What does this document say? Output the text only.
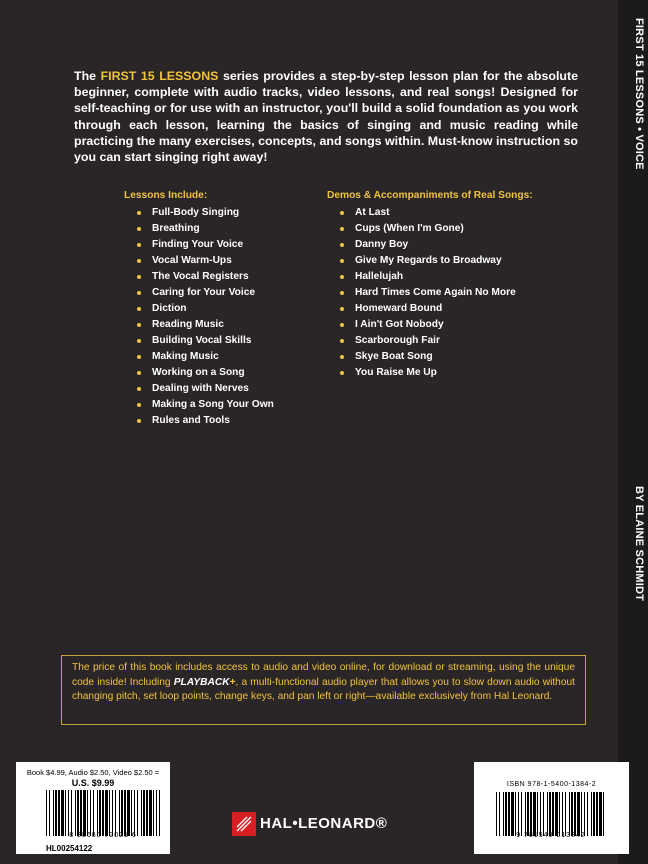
FIRST 15 LESSONS • VOICE
BY ELAINE SCHMIDT

The FIRST 15 LESSONS series provides a step-by-step lesson plan for the absolute beginner, complete with audio tracks, video lessons, and real songs! Designed for self-teaching or for use with an instructor, you'll build a solid foundation as you work through each lesson, learning the basics of singing and music reading while practicing the many exercises, concepts, and songs within. Must-know instruction so you can start singing right away!

Lessons Include:
Full-Body Singing
Breathing
Finding Your Voice
Vocal Warm-Ups
The Vocal Registers
Caring for Your Voice
Diction
Reading Music
Building Vocal Skills
Making Music
Working on a Song
Dealing with Nerves
Making a Song Your Own
Rules and Tools
Demos & Accompaniments of Real Songs:
At Last
Cups (When I'm Gone)
Danny Boy
Give My Regards to Broadway
Hallelujah
Hard Times Come Again No More
Homeward Bound
I Ain't Got Nobody
Scarborough Fair
Skye Boat Song
You Raise Me Up
The price of this book includes access to audio and video online, for download or streaming, using the unique code inside! Including PLAYBACK+, a multi-functional audio player that allows you to slow down audio without changing pitch, set loop points, change keys, and pan left or right—available exclusively from Hal Leonard.
Book $4.99, Audio $2.50, Video $2.50 =
U.S. $9.99
8 88680 72021 6
HL00254122
HAL•LEONARD®
ISBN 978-1-5400-1384-2
9 781540 013842
